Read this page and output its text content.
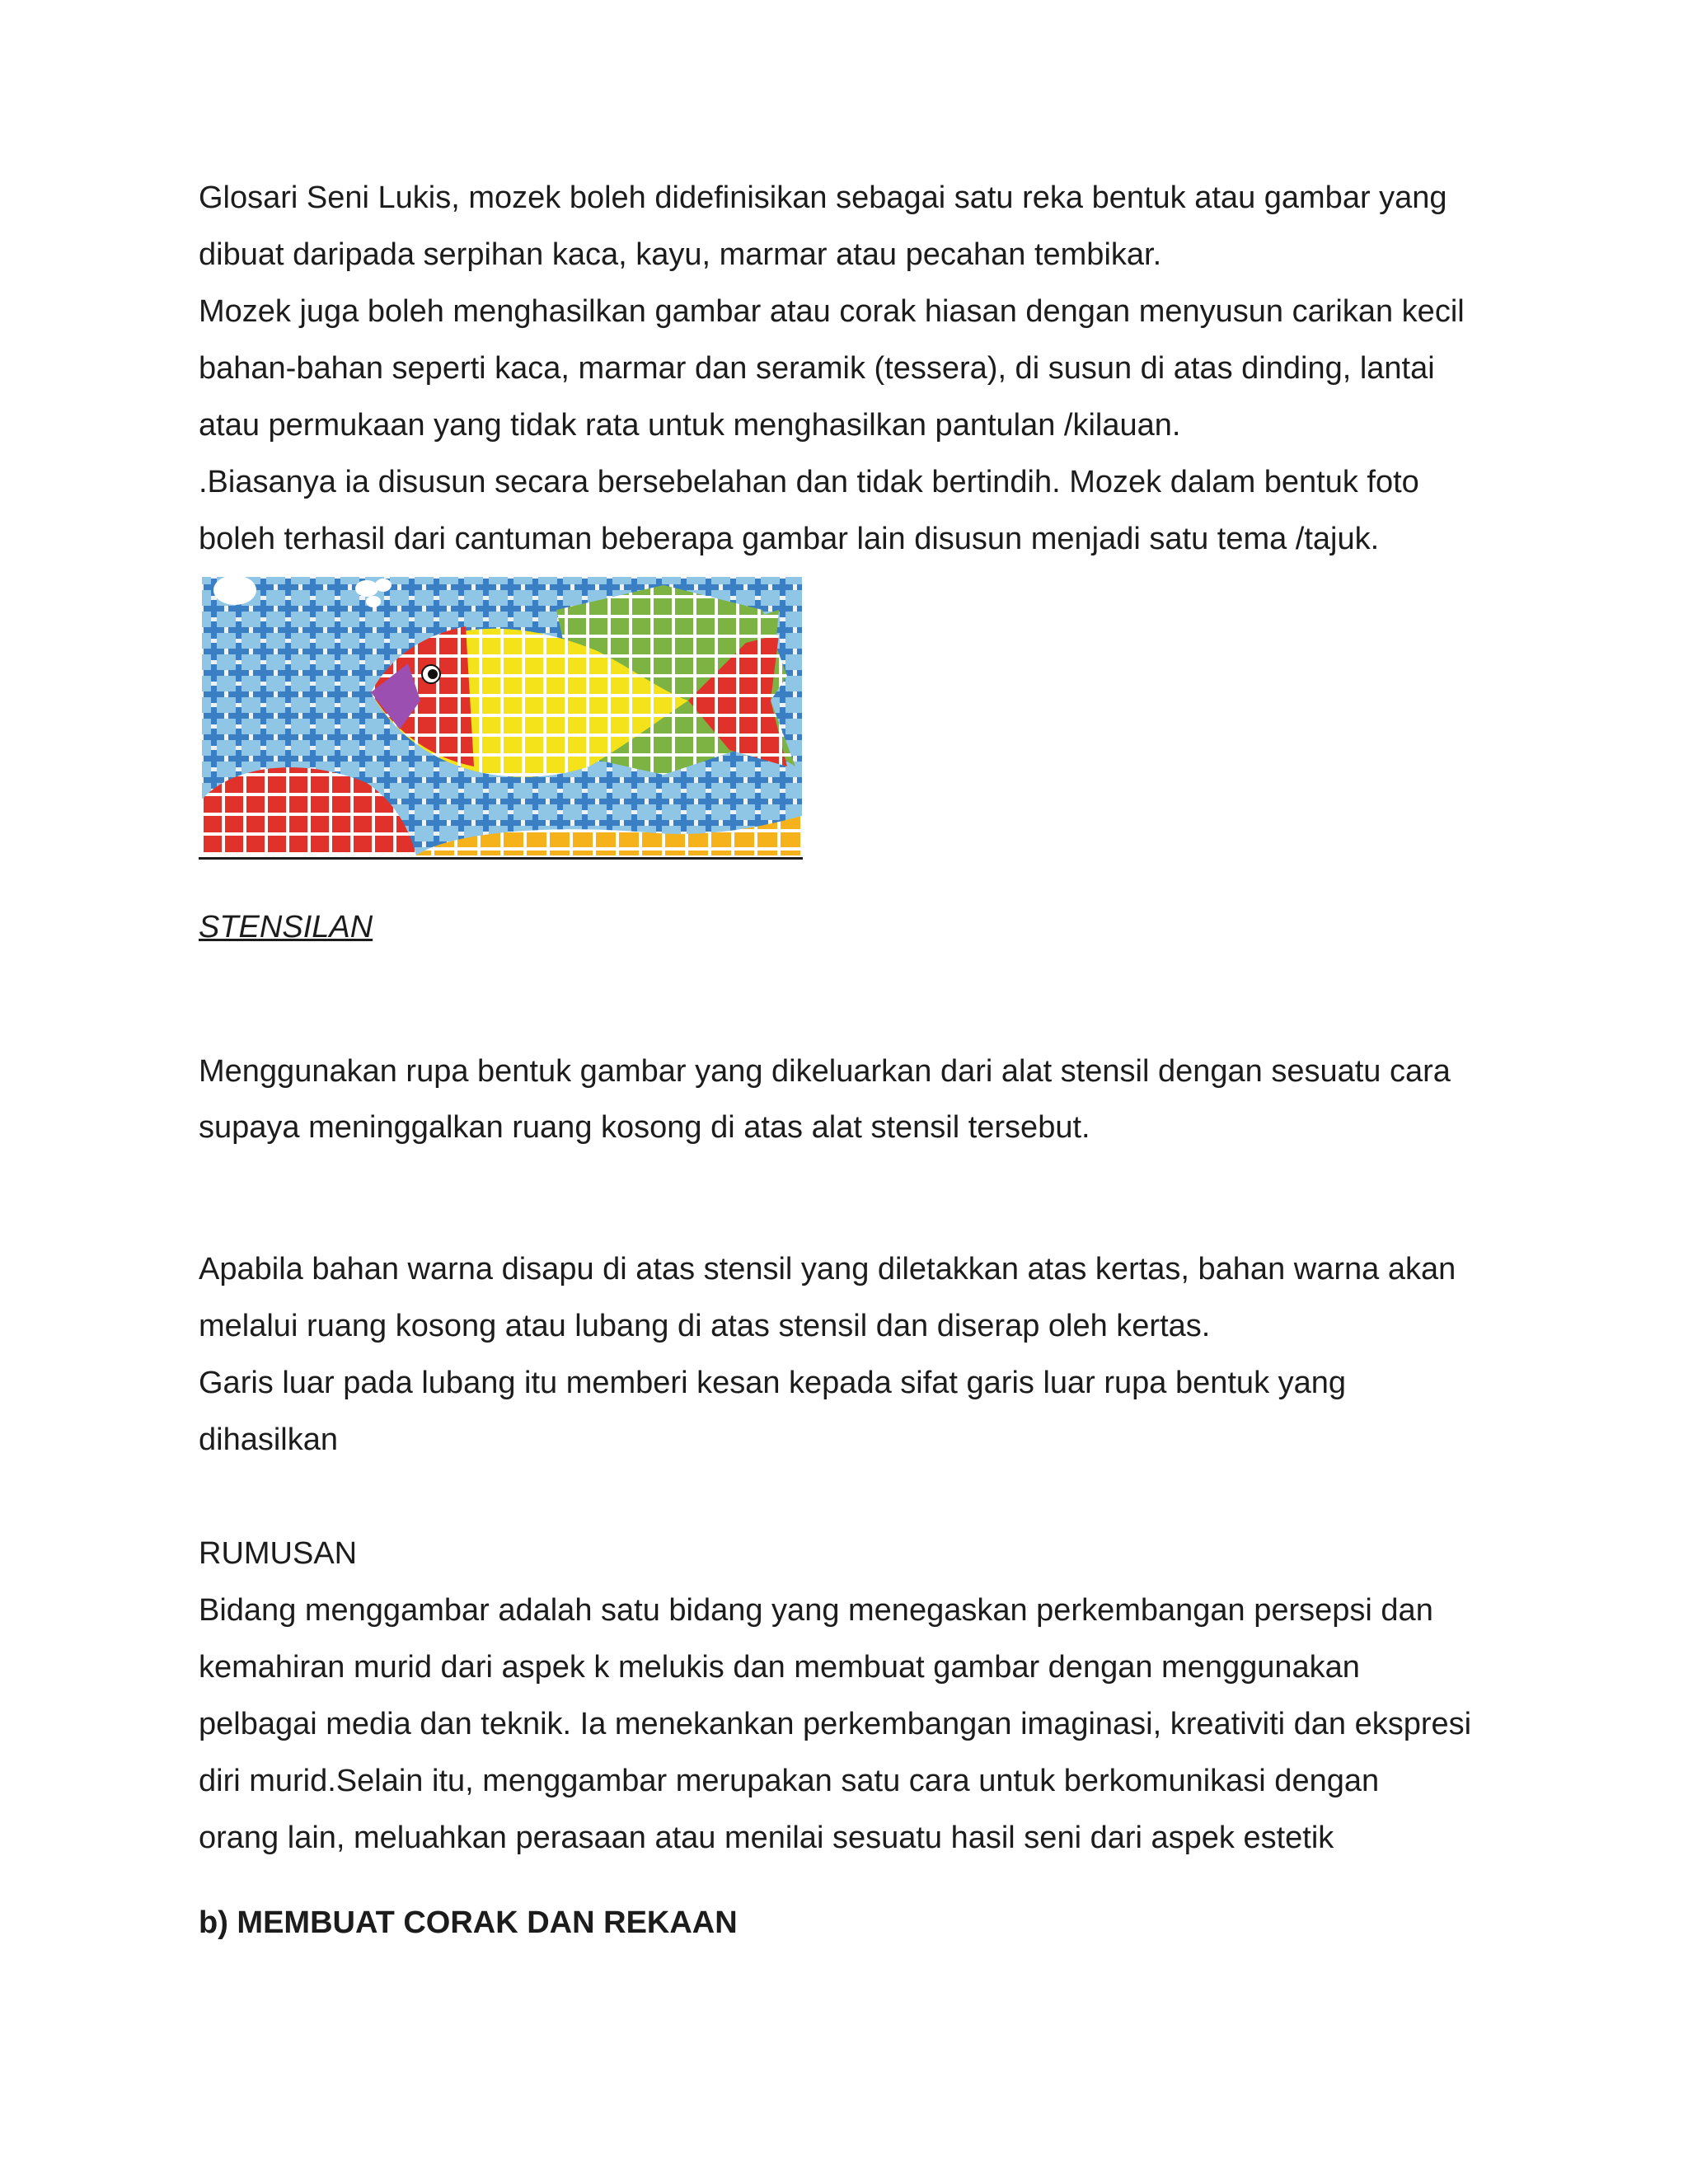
Glosari Seni Lukis, mozek boleh didefinisikan sebagai satu reka bentuk atau gambar yang
dibuat daripada serpihan kaca, kayu, marmar atau pecahan tembikar.
Mozek juga boleh menghasilkan gambar atau corak hiasan dengan menyusun carikan kecil
bahan-bahan seperti kaca, marmar dan seramik (tessera), di susun di atas dinding, lantai
atau permukaan yang tidak rata untuk menghasilkan pantulan /kilauan.
.Biasanya ia disusun secara bersebelahan dan tidak bertindih. Mozek dalam bentuk foto
boleh terhasil dari cantuman beberapa gambar lain disusun menjadi satu tema /tajuk.
STENSILAN
Menggunakan rupa bentuk gambar yang dikeluarkan dari alat stensil dengan sesuatu cara
supaya meninggalkan ruang kosong di atas alat stensil tersebut.
Apabila bahan warna disapu di atas stensil yang diletakkan atas kertas, bahan warna akan
melalui ruang kosong atau lubang di atas stensil dan diserap oleh kertas.
Garis luar pada lubang itu memberi kesan kepada sifat garis luar rupa bentuk yang
dihasilkan
RUMUSAN
Bidang menggambar adalah satu bidang yang menegaskan perkembangan persepsi dan
kemahiran murid dari aspek k melukis dan membuat gambar dengan menggunakan
pelbagai media dan teknik. Ia menekankan perkembangan imaginasi, kreativiti dan ekspresi
diri murid.Selain itu, menggambar merupakan satu cara untuk berkomunikasi dengan
orang lain, meluahkan perasaan atau menilai sesuatu hasil seni dari aspek estetik
b) MEMBUAT CORAK DAN REKAAN
